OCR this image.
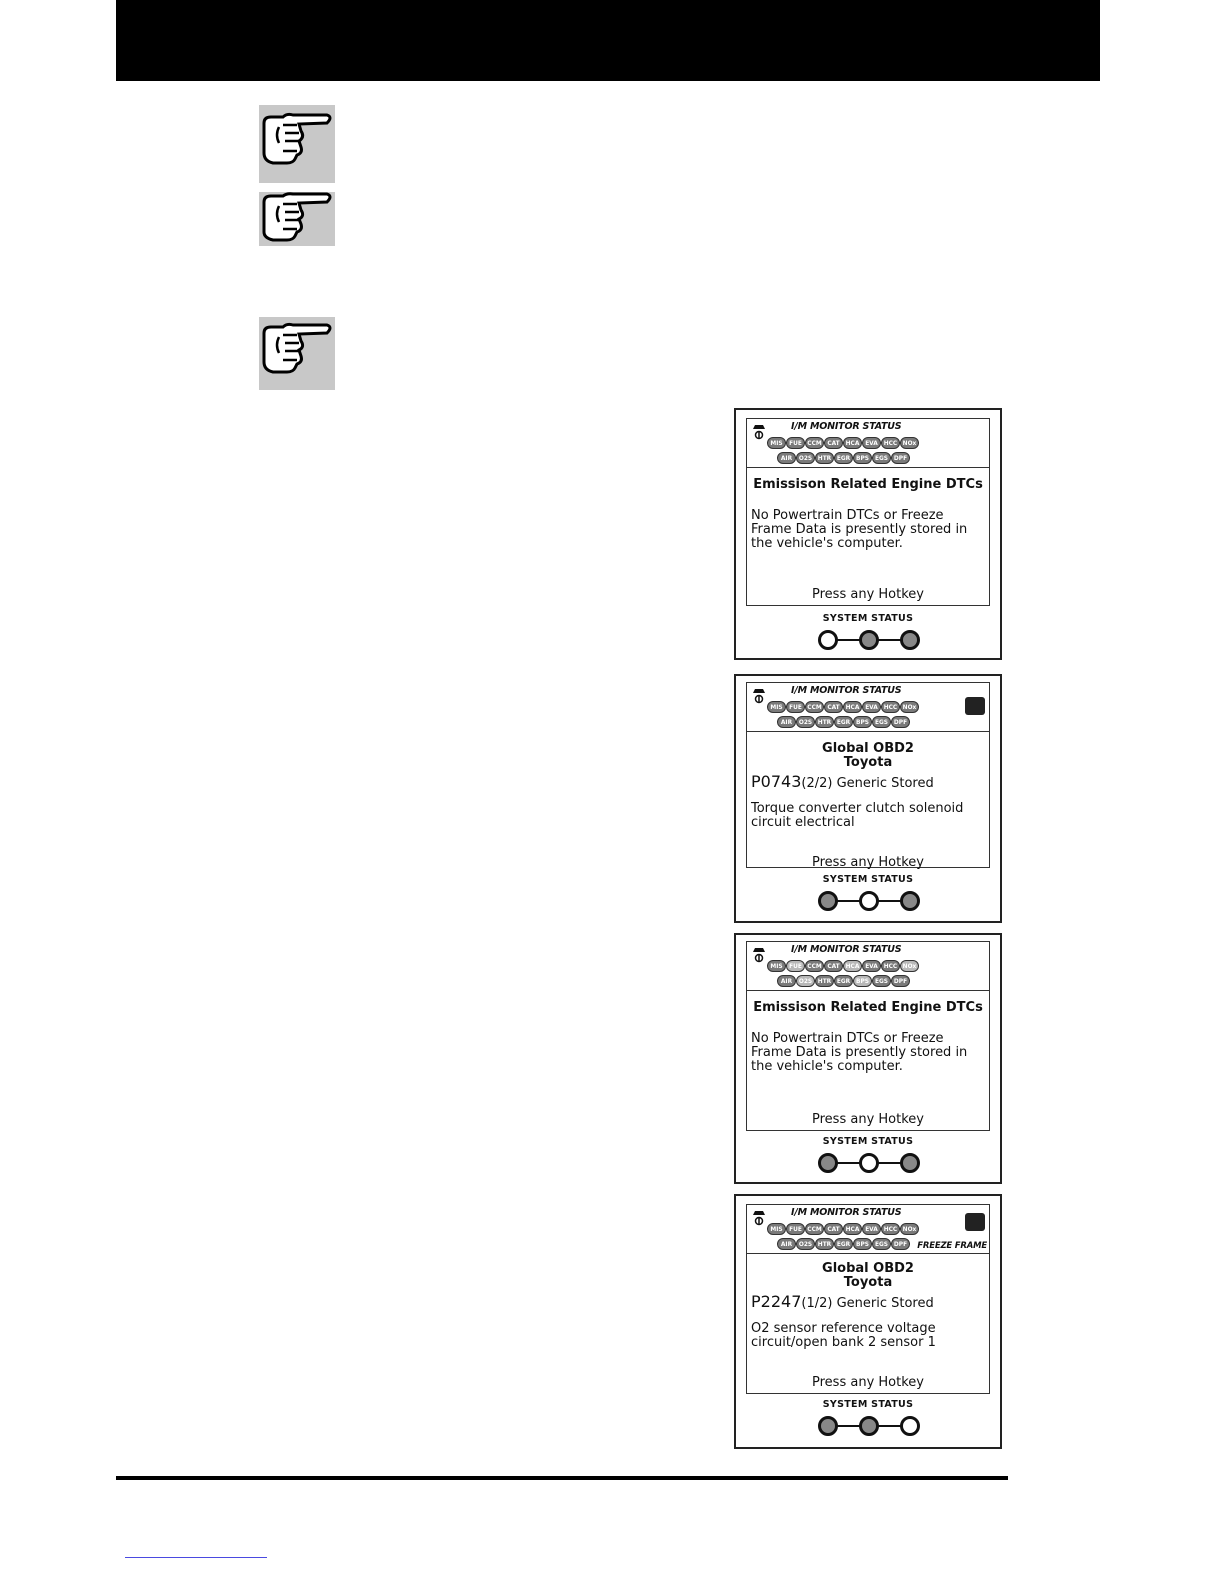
I/M MONITOR STATUS
MIS	FUE CCM CAT HCA EVA HCC NOx
AIR	O2S HTR EGR BPS EGS DPF
Emissison Related Engine DTCs
No Powertrain DTCs or Freeze Frame Data is presently stored in the vehicle's computer.
Press any Hotkey
SYSTEM STATUS
I/M MONITOR STATUS
MIS	FUE CCM CAT HCA EVA HCC NOx
AIR	O2S HTR EGR BPS EGS DPF
Global OBD2
Toyota
P0743(2/2) Generic Stored
Torque converter clutch solenoid circuit electrical
Press any Hotkey
SYSTEM STATUS
I/M MONITOR STATUS
MIS	FUE CCM CAT HCA EVA HCC NOx
AIR	O2S HTR EGR BPS EGS DPF
Emissison Related Engine DTCs
No Powertrain DTCs or Freeze Frame Data is presently stored in the vehicle's computer.
Press any Hotkey
SYSTEM STATUS
I/M MONITOR STATUS
MIS	FUE CCM CAT HCA EVA HCC NOx
AIR	O2S HTR EGR BPS EGS DPF	FREEZE FRAME
Global OBD2
Toyota
P2247(1/2) Generic Stored
O2 sensor reference voltage circuit/open bank 2 sensor 1
Press any Hotkey
SYSTEM STATUS
